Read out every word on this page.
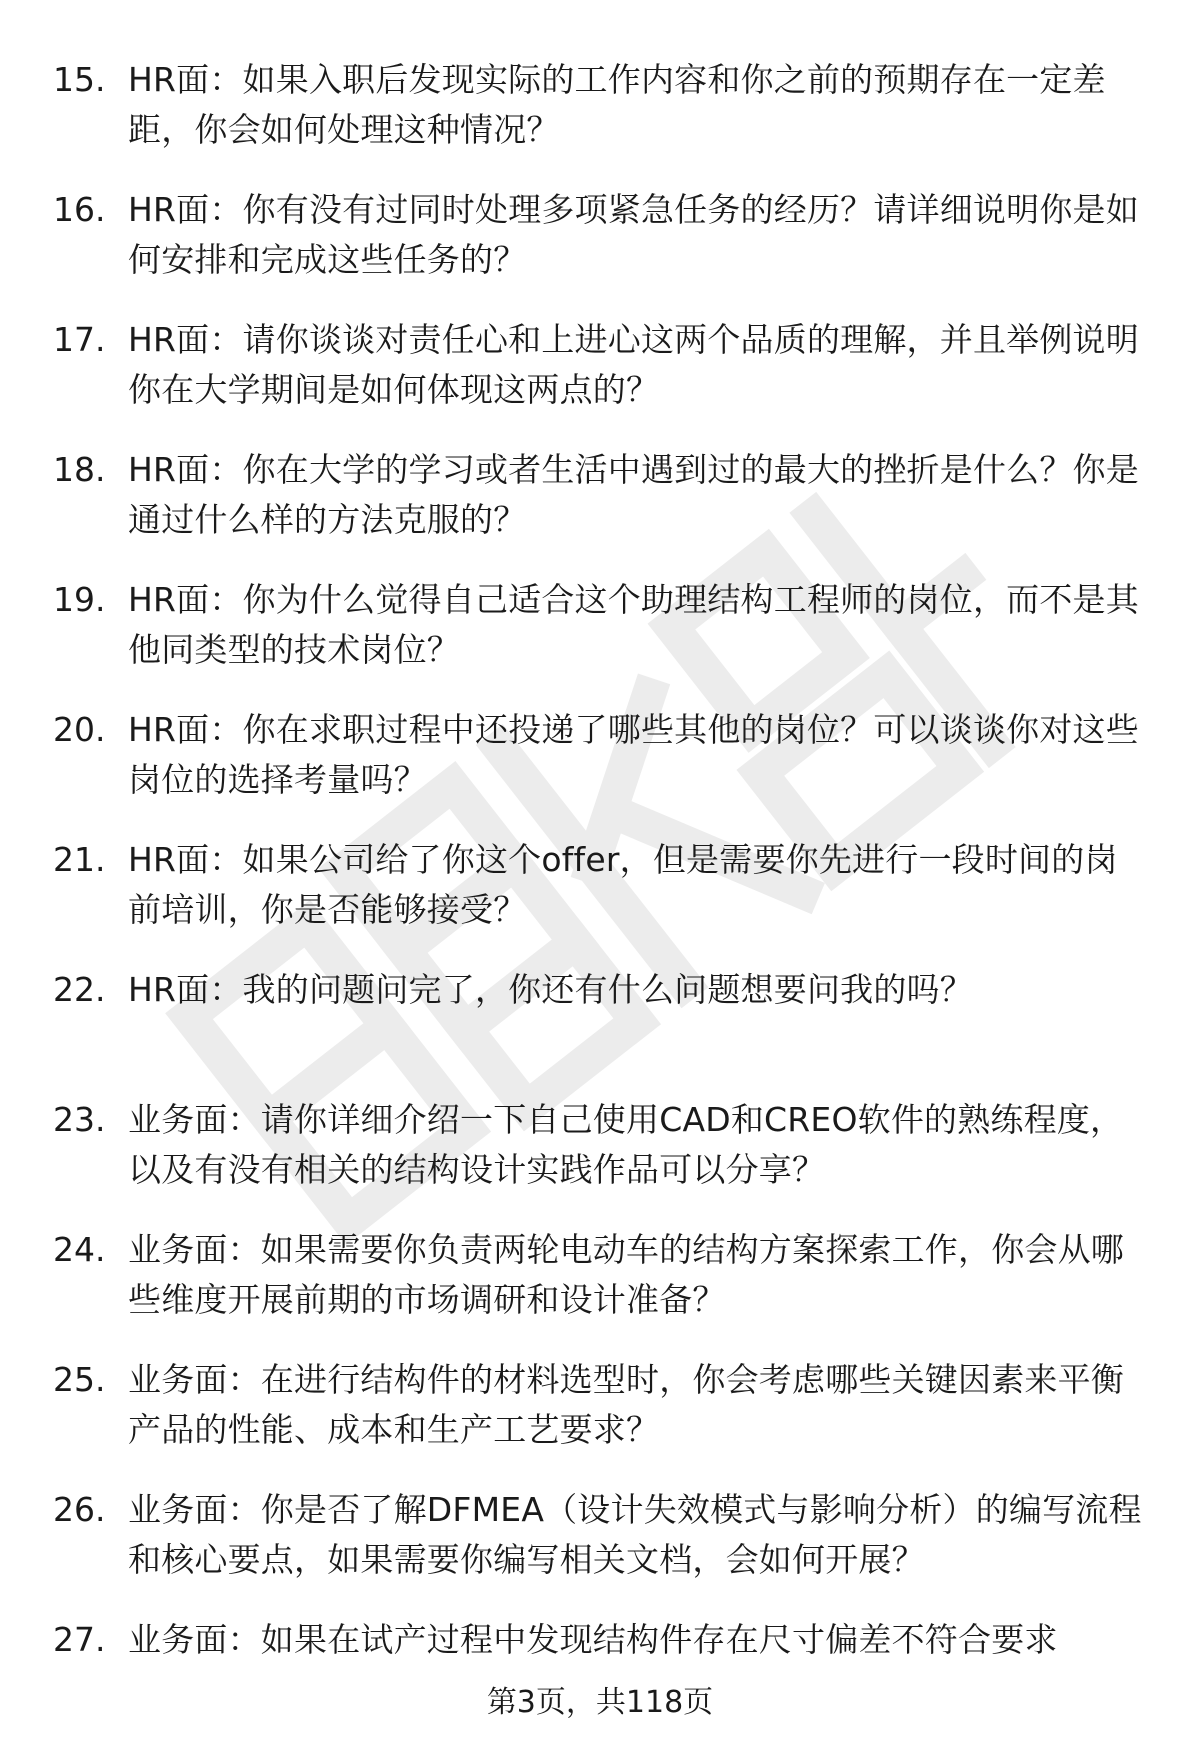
15. HR面：如果入职后发现实际的工作内容和你之前的预期存在一定差距，你会如何处理这种情况？
16. HR面：你有没有过同时处理多项紧急任务的经历？请详细说明你是如何安排和完成这些任务的？
17. HR面：请你谈谈对责任心和上进心这两个品质的理解，并且举例说明你在大学期间是如何体现这两点的？
18. HR面：你在大学的学习或者生活中遇到过的最大的挫折是什么？你是通过什么样的方法克服的？
19. HR面：你为什么觉得自己适合这个助理结构工程师的岗位，而不是其他同类型的技术岗位？
20. HR面：你在求职过程中还投递了哪些其他的岗位？可以谈谈你对这些岗位的选择考量吗？
21. HR面：如果公司给了你这个offer，但是需要你先进行一段时间的岗前培训，你是否能够接受？
22. HR面：我的问题问完了，你还有什么问题想要问我的吗？
23. 业务面：请你详细介绍一下自己使用CAD和CREO软件的熟练程度，以及有没有相关的结构设计实践作品可以分享？
24. 业务面：如果需要你负责两轮电动车的结构方案探索工作，你会从哪些维度开展前期的市场调研和设计准备？
25. 业务面：在进行结构件的材料选型时，你会考虑哪些关键因素来平衡产品的性能、成本和生产工艺要求？
26. 业务面：你是否了解DFMEA（设计失效模式与影响分析）的编写流程和核心要点，如果需要你编写相关文档，会如何开展？
27. 业务面：如果在试产过程中发现结构件存在尺寸偏差不符合要求
第3页，共118页
